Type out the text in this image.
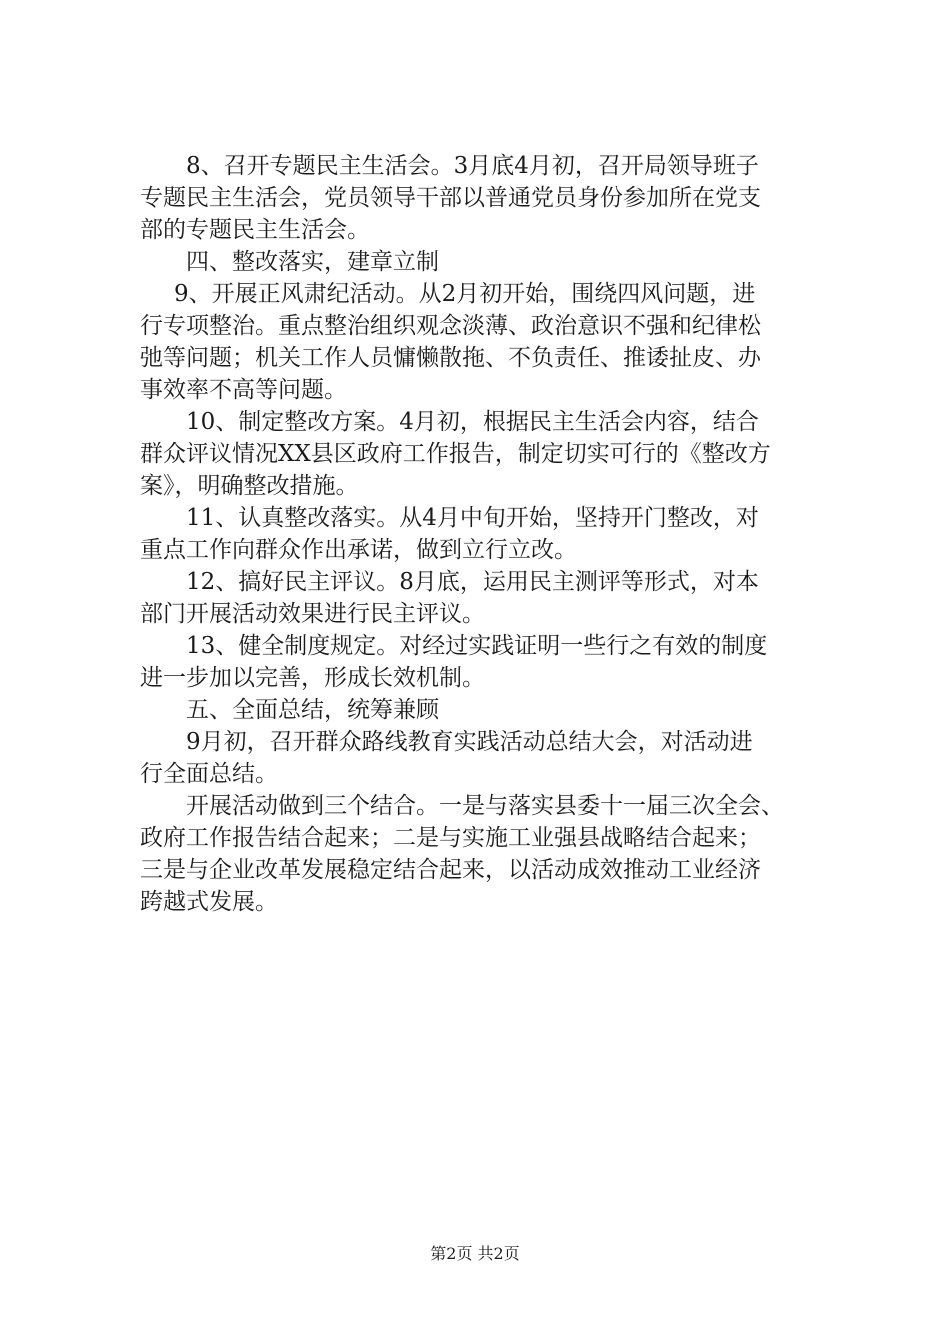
8、召开专题民主生活会。3月底4月初，召开局领导班子
专题民主生活会，党员领导干部以普通党员身份参加所在党支
部的专题民主生活会。
四、整改落实，建章立制
9、开展正风肃纪活动。从2月初开始，围绕四风问题，进
行专项整治。重点整治组织观念淡薄、政治意识不强和纪律松
弛等问题；机关工作人员慵懒散拖、不负责任、推诿扯皮、办
事效率不高等问题。
10、制定整改方案。4月初，根据民主生活会内容，结合
群众评议情况XX县区政府工作报告，制定切实可行的《整改方
案》，明确整改措施。
11、认真整改落实。从4月中旬开始，坚持开门整改，对
重点工作向群众作出承诺，做到立行立改。
12、搞好民主评议。8月底，运用民主测评等形式，对本
部门开展活动效果进行民主评议。
13、健全制度规定。对经过实践证明一些行之有效的制度
进一步加以完善，形成长效机制。
五、全面总结，统筹兼顾
9月初，召开群众路线教育实践活动总结大会，对活动进
行全面总结。
开展活动做到三个结合。一是与落实县委十一届三次全会、
政府工作报告结合起来；二是与实施工业强县战略结合起来；
三是与企业改革发展稳定结合起来，以活动成效推动工业经济
跨越式发展。
第2页 共2页
